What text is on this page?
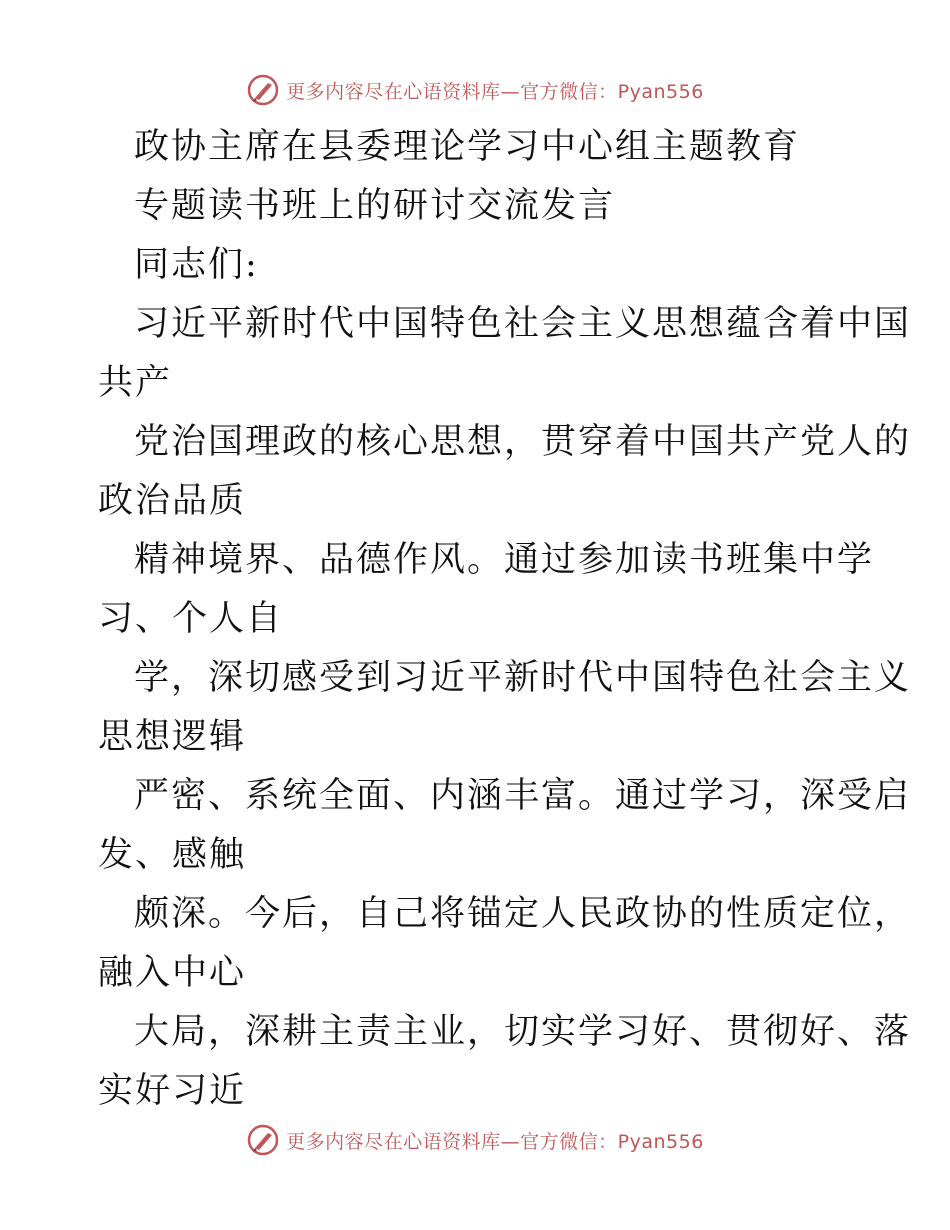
更多内容尽在心语资料库—官方微信：Pyan556
政协主席在县委理论学习中心组主题教育
专题读书班上的研讨交流发言
同志们:
习近平新时代中国特色社会主义思想蕴含着中国
共产
党治国理政的核心思想，贯穿着中国共产党人的
政治品质
精神境界、品德作风。通过参加读书班集中学
习、个人自
学，深切感受到习近平新时代中国特色社会主义
思想逻辑
严密、系统全面、内涵丰富。通过学习，深受启
发、感触
颇深。今后，自己将锚定人民政协的性质定位，
融入中心
大局，深耕主责主业，切实学习好、贯彻好、落
实好习近
更多内容尽在心语资料库—官方微信：Pyan556
